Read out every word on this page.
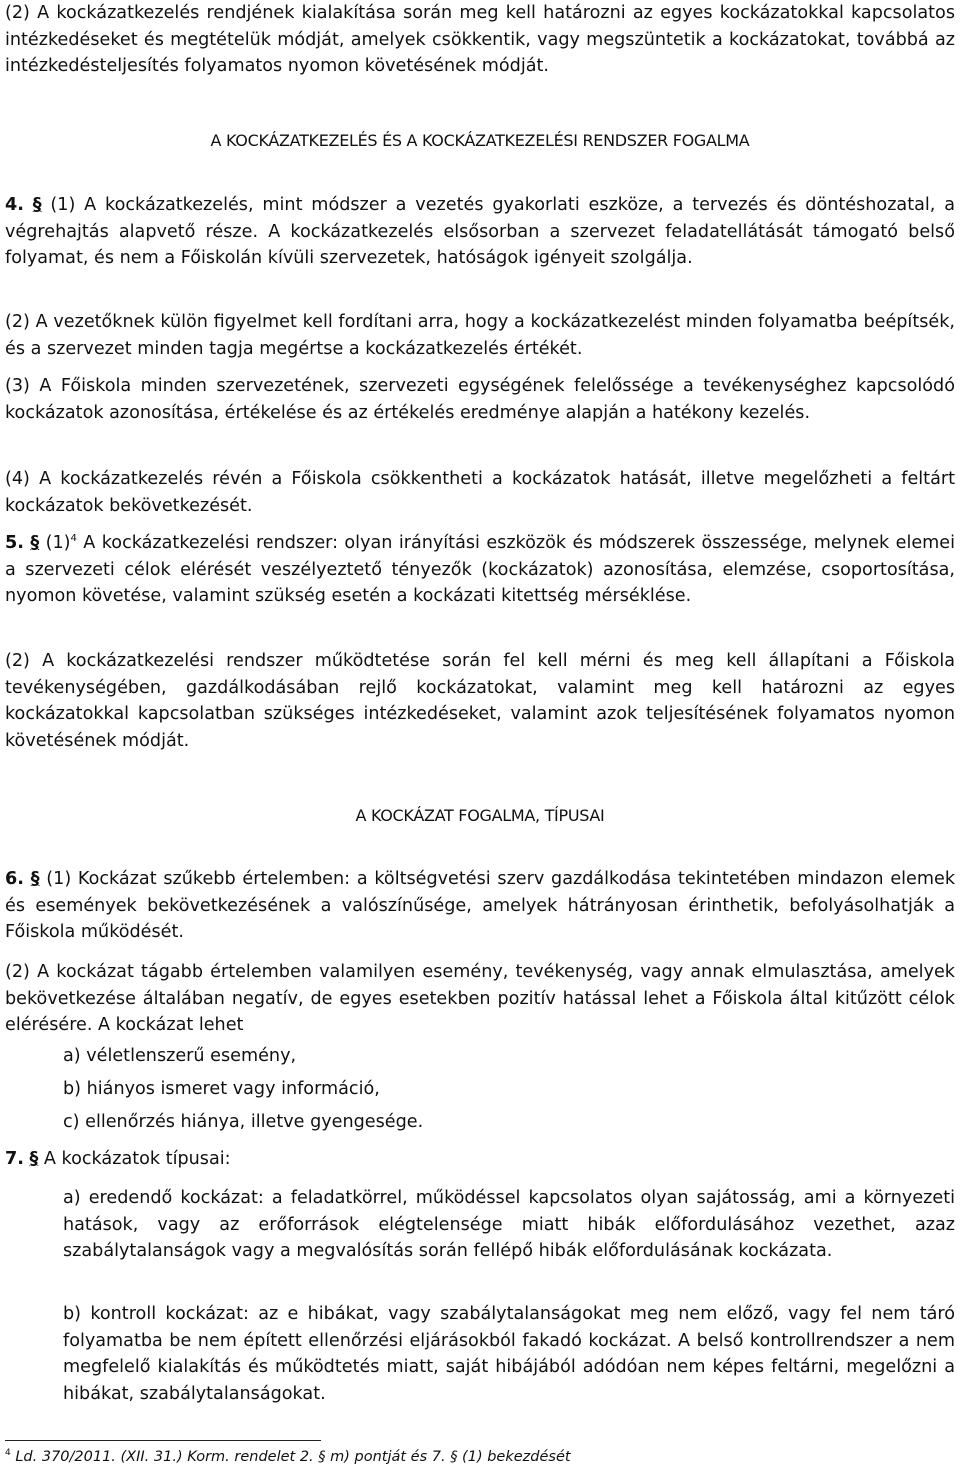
(2) A kockázatkezelés rendjének kialakítása során meg kell határozni az egyes kockázatokkal kapcsolatos intézkedéseket és megtételük módját, amelyek csökkentik, vagy megszüntetik a kockázatokat, továbbá az intézkedésteljesítés folyamatos nyomon követésének módját.

A KOCKÁZATKEZELÉS ÉS A KOCKÁZATKEZELÉSI RENDSZER FOGALMA

4. § (1) A kockázatkezelés, mint módszer a vezetés gyakorlati eszköze, a tervezés és döntéshozatal, a végrehajtás alapvető része. A kockázatkezelés elsősorban a szervezet feladatellátását támogató belső folyamat, és nem a Főiskolán kívüli szervezetek, hatóságok igényeit szolgálja.

(2) A vezetőknek külön figyelmet kell fordítani arra, hogy a kockázatkezelést minden folyamatba beépítsék, és a szervezet minden tagja megértse a kockázatkezelés értékét.

(3) A Főiskola minden szervezetének, szervezeti egységének felelőssége a tevékenységhez kapcsolódó kockázatok azonosítása, értékelése és az értékelés eredménye alapján a hatékony kezelés.

(4) A kockázatkezelés révén a Főiskola csökkentheti a kockázatok hatását, illetve megelőzheti a feltárt kockázatok bekövetkezését.

5. § $(1)^4$ A kockázatkezelési rendszer: olyan irányítási eszközök és módszerek összessége, melynek elemei a szervezeti célok elérését veszélyeztető tényezők (kockázatok) azonosítása, elemzése, csoportosítása, nyomon követése, valamint szükség esetén a kockázati kitettség mérséklése.

(2) A kockázatkezelési rendszer működtetése során fel kell mérni és meg kell állapítani a Főiskola tevékenységében, gazdálkodásában rejlő kockázatokat, valamint meg kell határozni az egyes kockázatokkal kapcsolatban szükséges intézkedéseket, valamint azok teljesítésének folyamatos nyomon követésének módját.

A KOCKÁZAT FOGALMA, TÍPUSAI

6. § (1) Kockázat szűkebb értelemben: a költségvetési szerv gazdálkodása tekintetében mindazon elemek és események bekövetkezésének a valószínűsége, amelyek hátrányosan érinthetik, befolyásolhatják a Főiskola működését.

(2) A kockázat tágabb értelemben valamilyen esemény, tevékenység, vagy annak elmulasztása, amelyek bekövetkezése általában negatív, de egyes esetekben pozitív hatással lehet a Főiskola által kitűzött célok elérésére. A kockázat lehet

a) véletlenszerű esemény,

b) hiányos ismeret vagy információ,

c) ellenőrzés hiánya, illetve gyengesége.

7. § A kockázatok típusai:

a) eredendő kockázat: a feladatkörrel, működéssel kapcsolatos olyan sajátosság, ami a környezeti hatások, vagy az erőforrások elégtelensége miatt hibák előfordulásához vezethet, azaz szabálytalanságok vagy a megvalósítás során fellépő hibák előfordulásának kockázata.

b) kontroll kockázat: az e hibákat, vagy szabálytalanságokat meg nem előző, vagy fel nem táró folyamatba be nem épített ellenőrzési eljárásokból fakadó kockázat. A belső kontrollrendszer a nem megfelelő kialakítás és működtetés miatt, saját hibájából adódóan nem képes feltárni, megelőzni a hibákat, szabálytalanságokat.

$^4$ Ld. 370/2011. (XII. 31.) Korm. rendelet 2. § m) pontját és 7. § (1) bekezdését
